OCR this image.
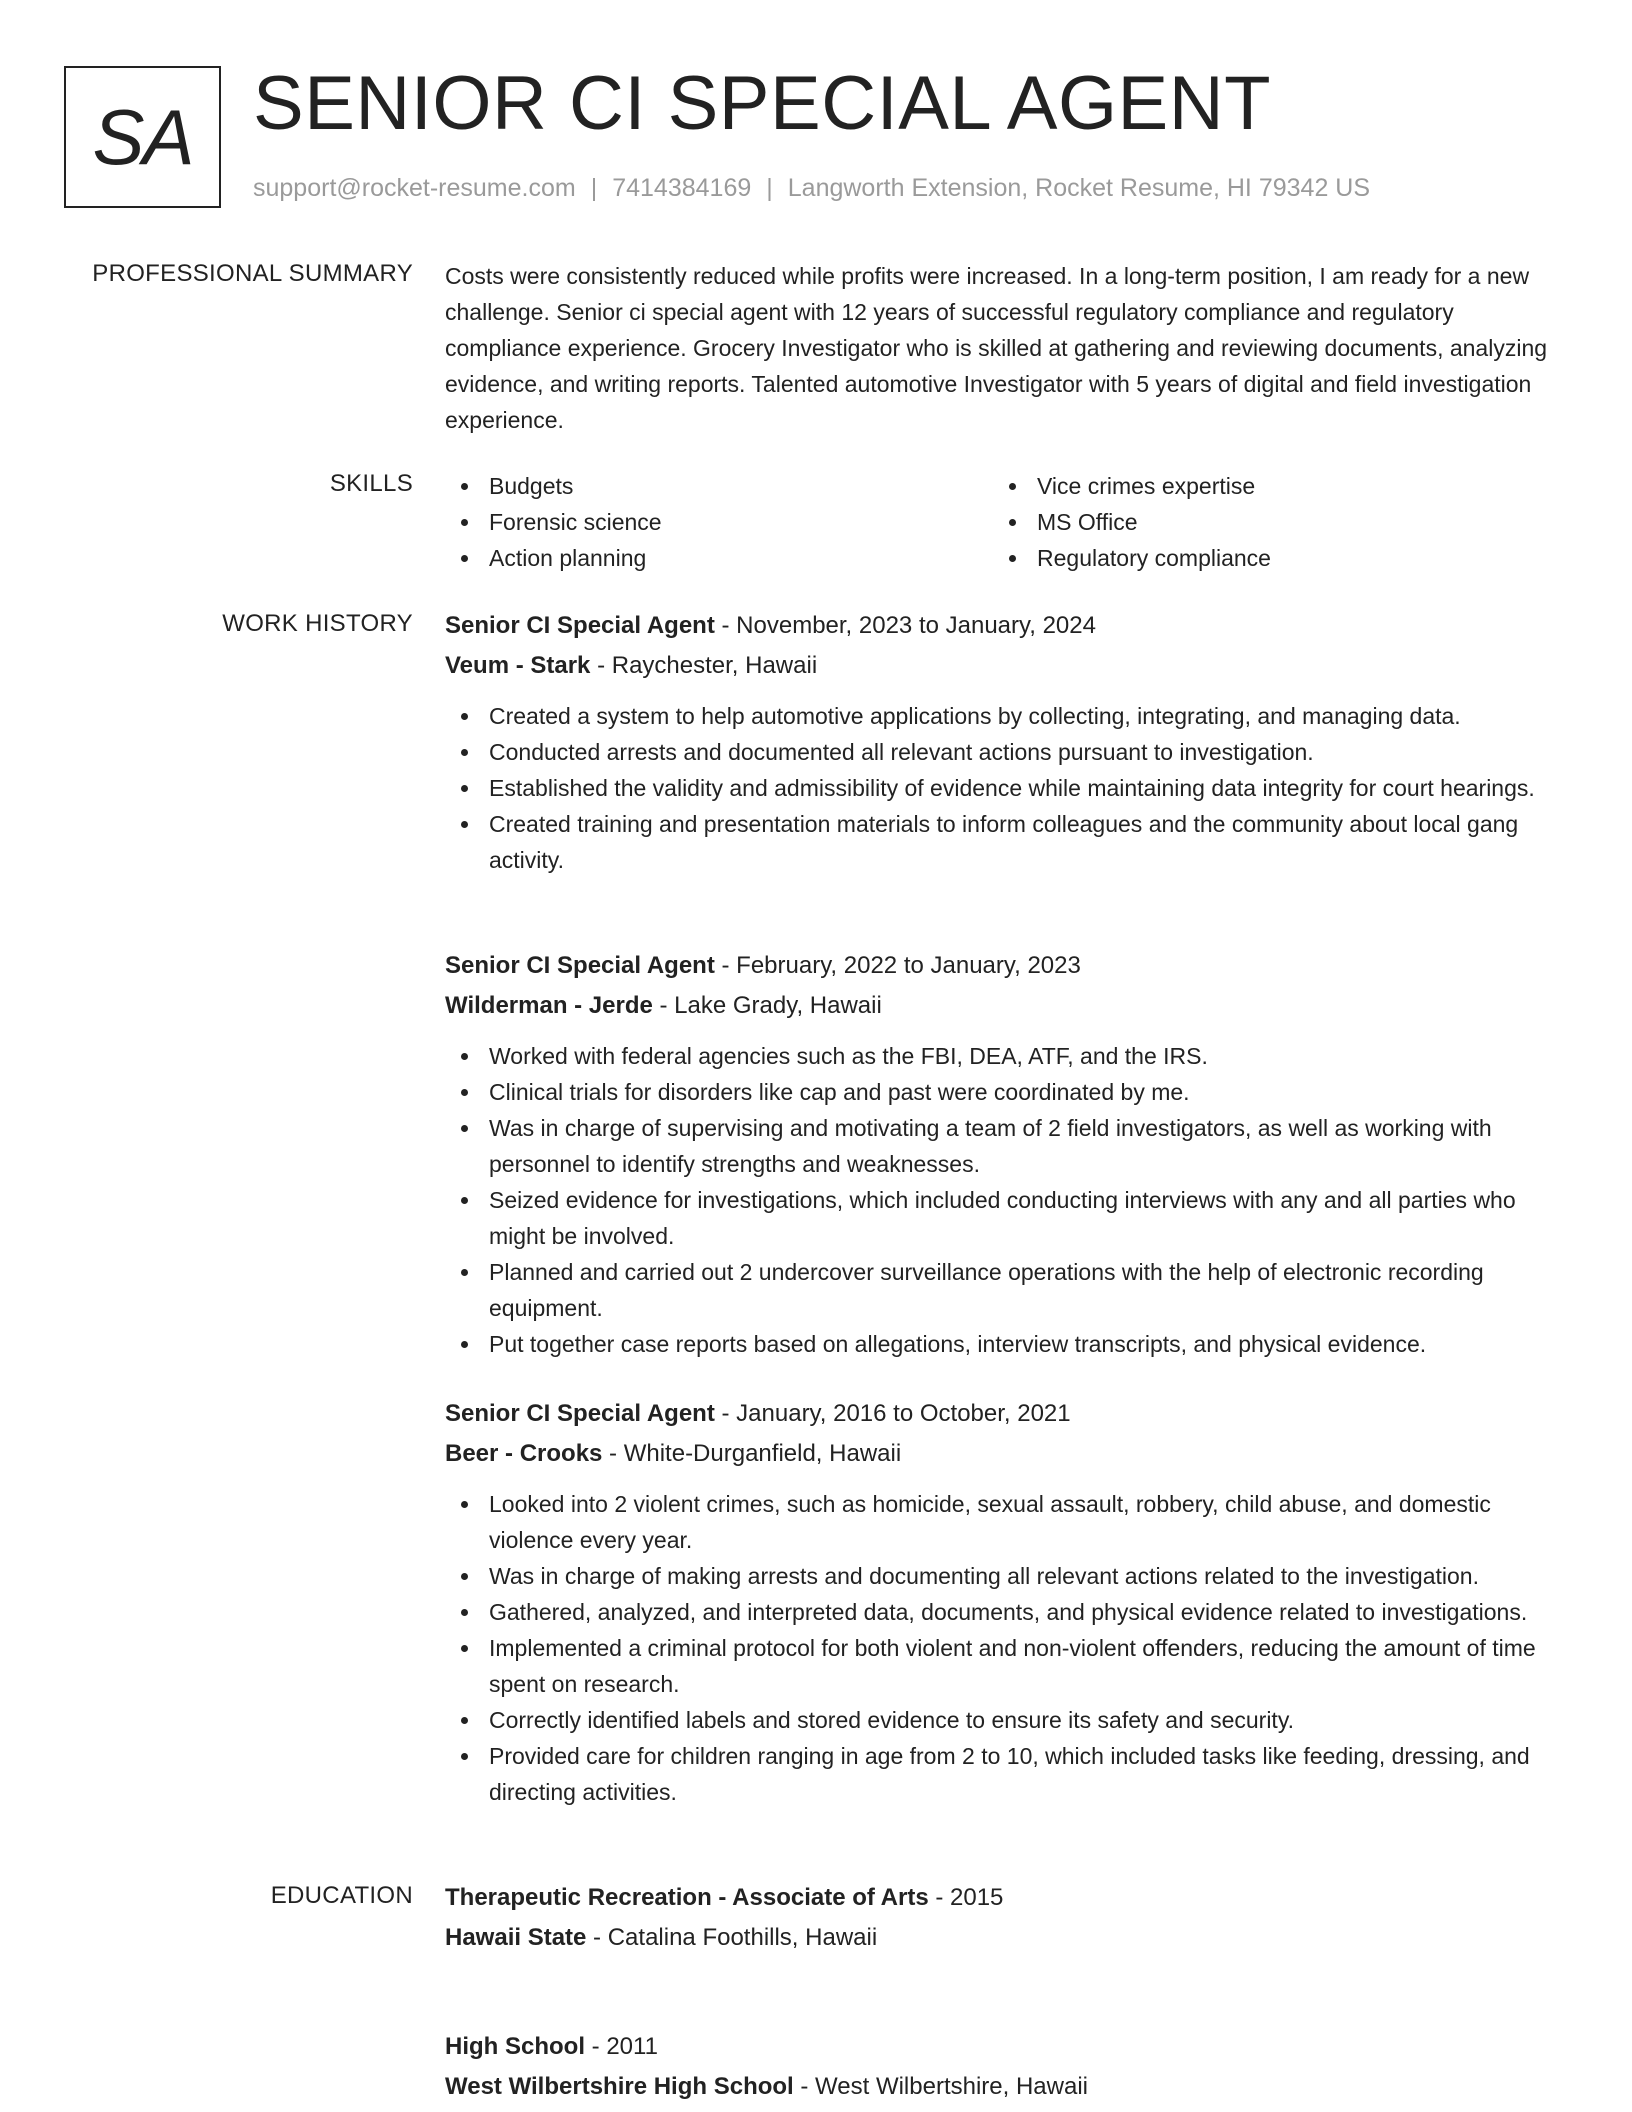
SA SENIOR CI SPECIAL AGENT
support@rocket-resume.com | 7414384169 | Langworth Extension, Rocket Resume, HI 79342 US
PROFESSIONAL SUMMARY Costs were consistently reduced while profits were increased. In a long-term position, I am ready for a new challenge. Senior ci special agent with 12 years of successful regulatory compliance and regulatory compliance experience. Grocery Investigator who is skilled at gathering and reviewing documents, analyzing evidence, and writing reports. Talented automotive Investigator with 5 years of digital and field investigation experience.
SKILLS	Budgets	Vice crimes expertise
Forensic science	MS Office
Action planning	Regulatory compliance
WORK HISTORY Senior CI Special Agent - November, 2023 to January, 2024
Veum - Stark - Raychester, Hawaii
Created a system to help automotive applications by collecting, integrating, and managing data.
Conducted arrests and documented all relevant actions pursuant to investigation.
Established the validity and admissibility of evidence while maintaining data integrity for court hearings.
Created training and presentation materials to inform colleagues and the community about local gang activity.
Senior CI Special Agent - February, 2022 to January, 2023
Wilderman - Jerde - Lake Grady, Hawaii
Worked with federal agencies such as the FBI, DEA, ATF, and the IRS.
Clinical trials for disorders like cap and past were coordinated by me.
Was in charge of supervising and motivating a team of 2 field investigators, as well as working with personnel to identify strengths and weaknesses.
Seized evidence for investigations, which included conducting interviews with any and all parties who might be involved.
Planned and carried out 2 undercover surveillance operations with the help of electronic recording equipment.
Put together case reports based on allegations, interview transcripts, and physical evidence.
Senior CI Special Agent - January, 2016 to October, 2021
Beer - Crooks - White-Durganfield, Hawaii
Looked into 2 violent crimes, such as homicide, sexual assault, robbery, child abuse, and domestic violence every year.
Was in charge of making arrests and documenting all relevant actions related to the investigation.
Gathered, analyzed, and interpreted data, documents, and physical evidence related to investigations.
Implemented a criminal protocol for both violent and non-violent offenders, reducing the amount of time spent on research.
Correctly identified labels and stored evidence to ensure its safety and security.
Provided care for children ranging in age from 2 to 10, which included tasks like feeding, dressing, and directing activities.
EDUCATION Therapeutic Recreation - Associate of Arts - 2015
Hawaii State - Catalina Foothills, Hawaii
High School - 2011
West Wilbertshire High School - West Wilbertshire, Hawaii
